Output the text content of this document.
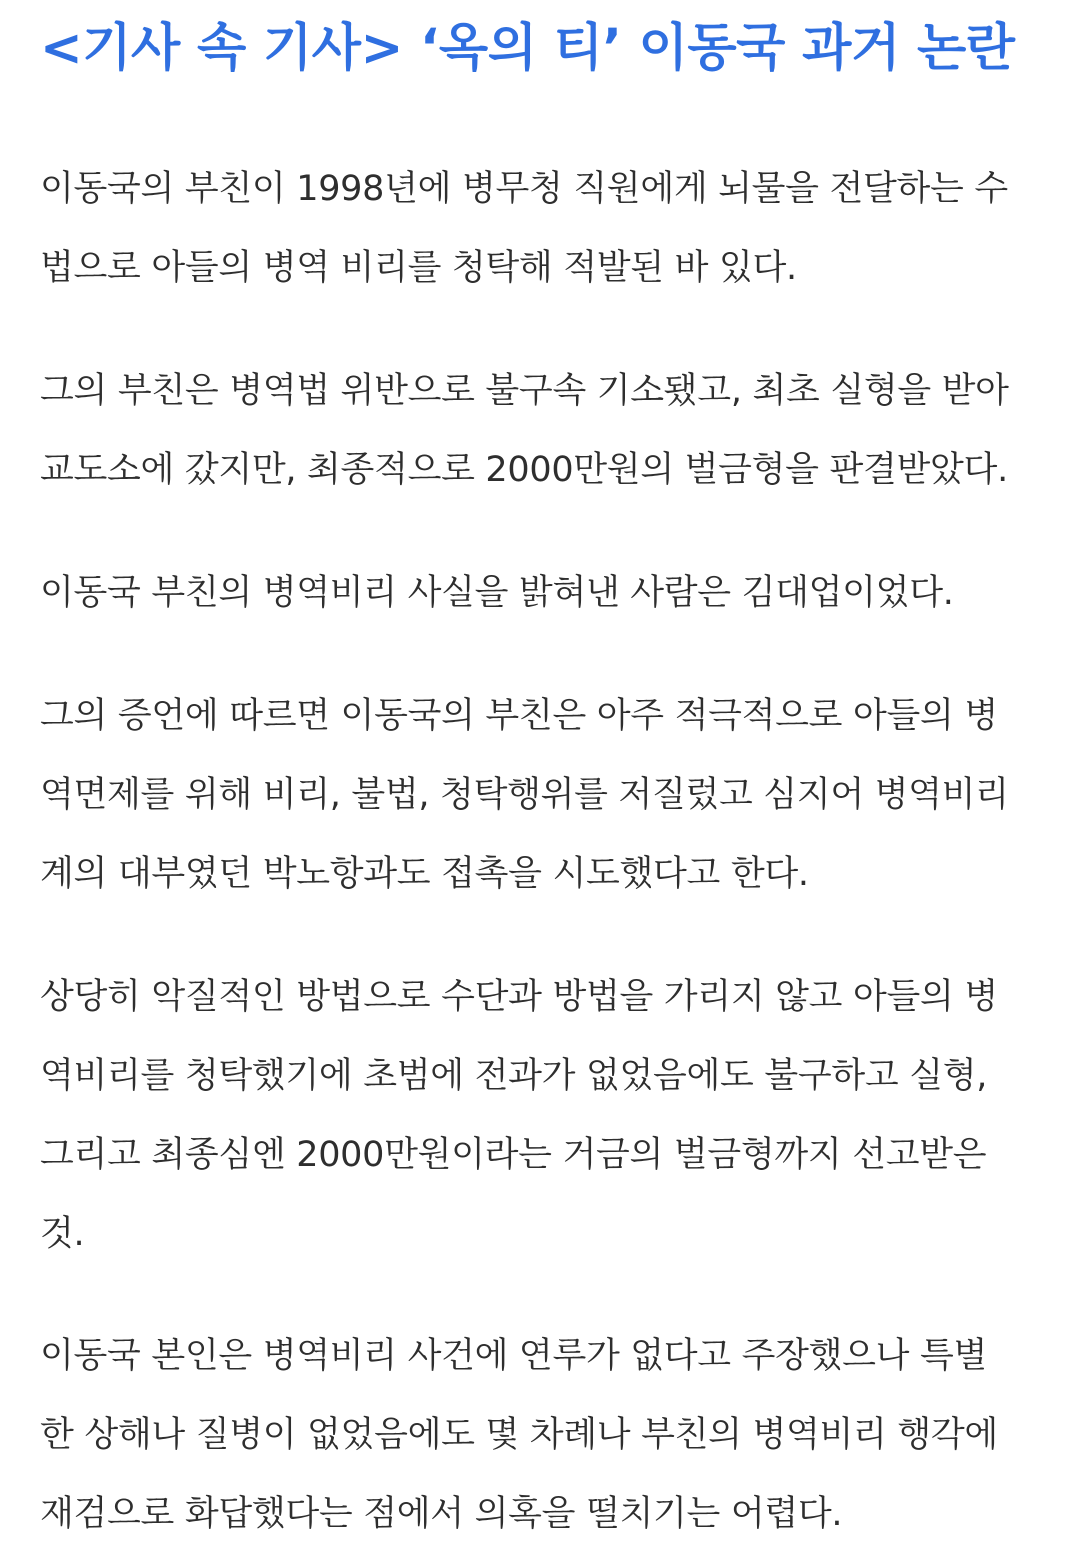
<기사 속 기사> ‘옥의 티’ 이동국 과거 논란

이동국의 부친이 1998년에 병무청 직원에게 뇌물을 전달하는 수
법으로 아들의 병역 비리를 청탁해 적발된 바 있다.

그의 부친은 병역법 위반으로 불구속 기소됐고, 최초 실형을 받아
교도소에 갔지만, 최종적으로 2000만원의 벌금형을 판결받았다.

이동국 부친의 병역비리 사실을 밝혀낸 사람은 김대업이었다.

그의 증언에 따르면 이동국의 부친은 아주 적극적으로 아들의 병
역면제를 위해 비리, 불법, 청탁행위를 저질렀고 심지어 병역비리
계의 대부였던 박노항과도 접촉을 시도했다고 한다.

상당히 악질적인 방법으로 수단과 방법을 가리지 않고 아들의 병
역비리를 청탁했기에 초범에 전과가 없었음에도 불구하고 실형,
그리고 최종심엔 2000만원이라는 거금의 벌금형까지 선고받은
것.

이동국 본인은 병역비리 사건에 연루가 없다고 주장했으나 특별
한 상해나 질병이 없었음에도 몇 차례나 부친의 병역비리 행각에
재검으로 화답했다는 점에서 의혹을 떨치기는 어렵다.
